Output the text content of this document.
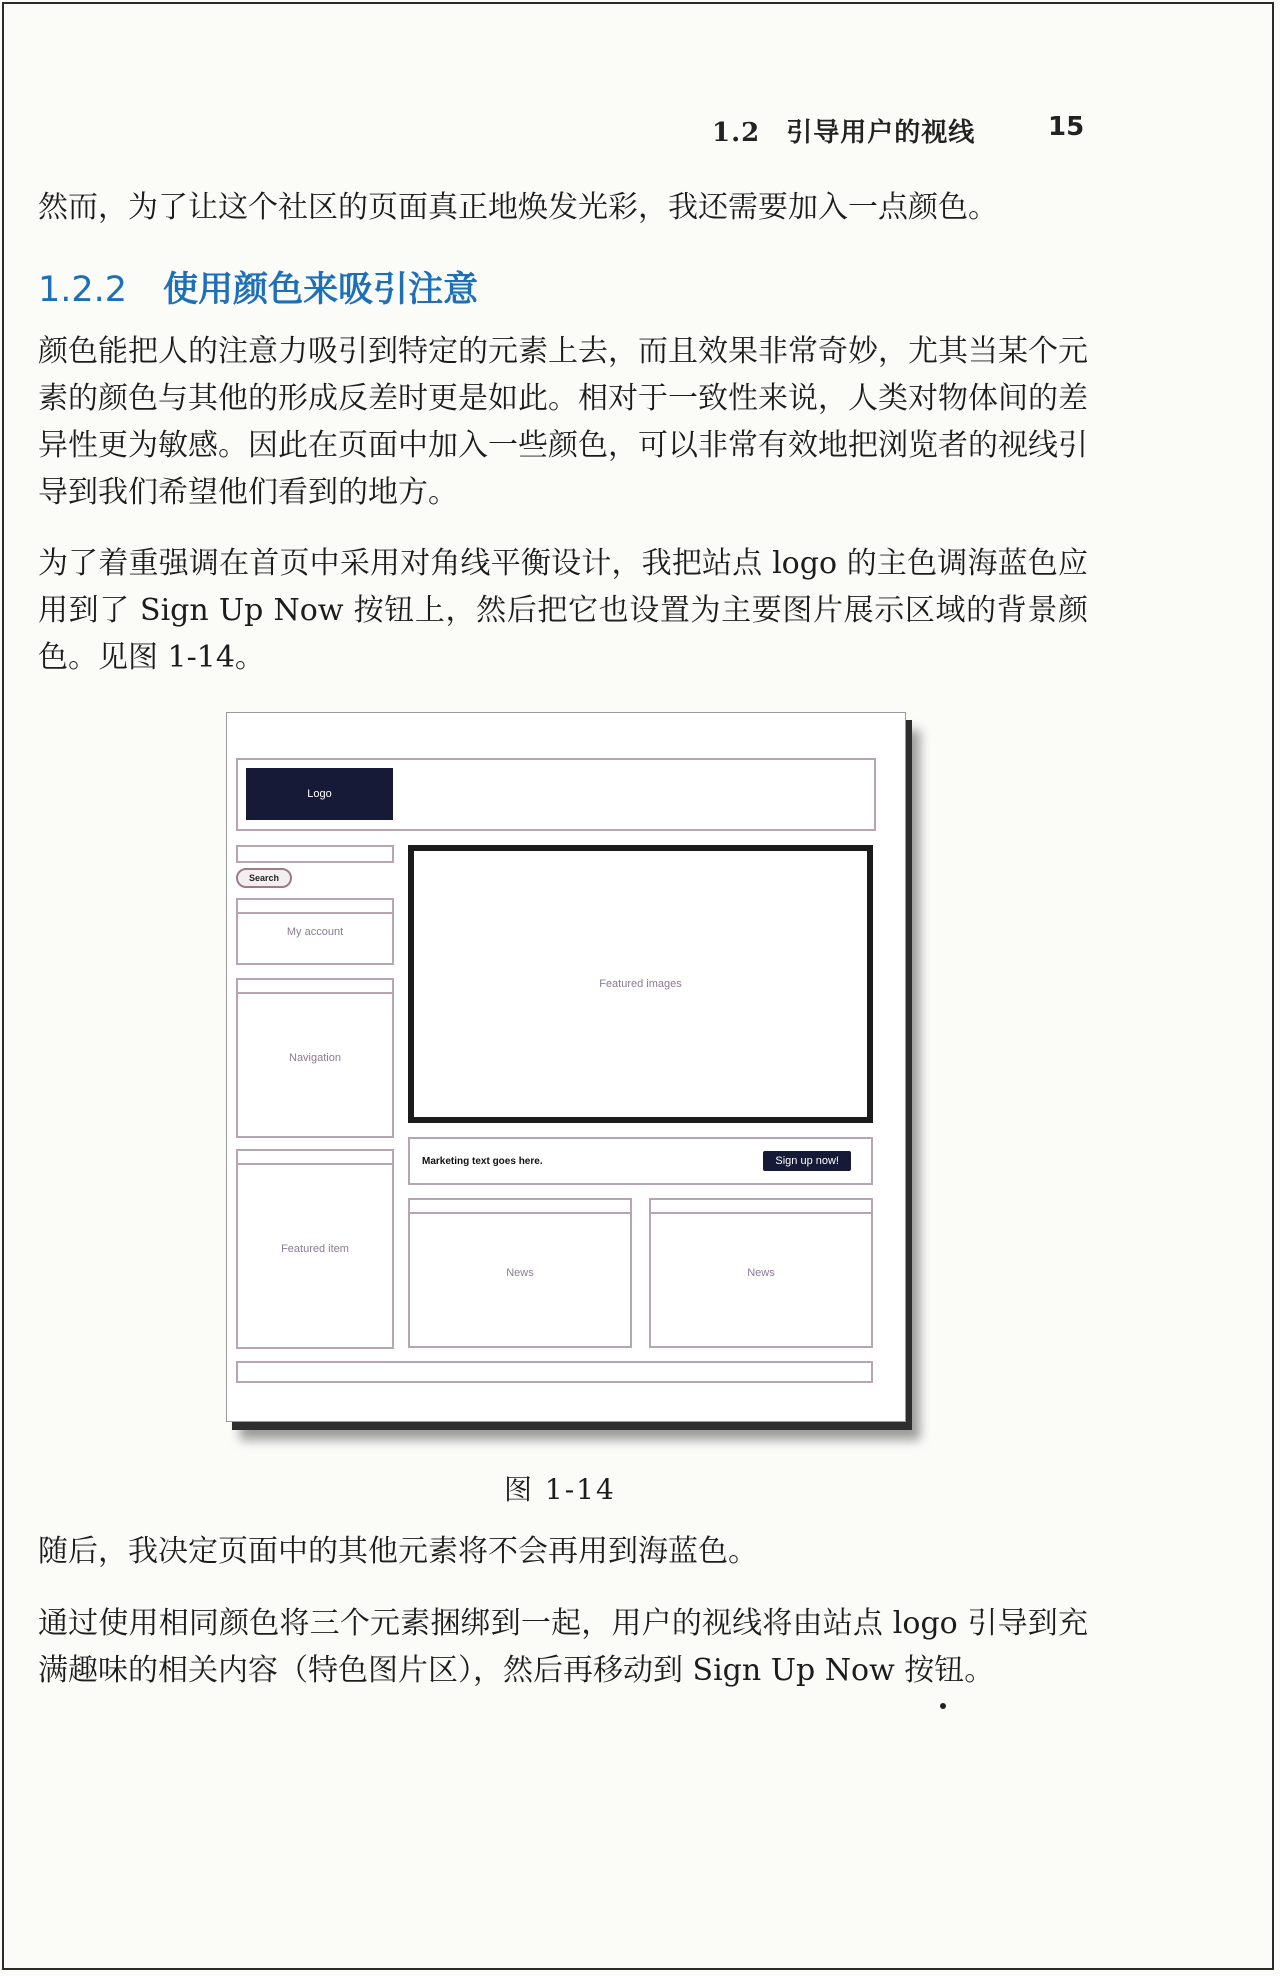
1.2 引导用户的视线	15
然而，为了让这个社区的页面真正地焕发光彩，我还需要加入一点颜色。
1.2.2 使用颜色来吸引注意
颜色能把人的注意力吸引到特定的元素上去，而且效果非常奇妙，尤其当某个元素的颜色与其他的形成反差时更是如此。相对于一致性来说，人类对物体间的差异性更为敏感。因此在页面中加入一些颜色，可以非常有效地把浏览者的视线引导到我们希望他们看到的地方。
为了着重强调在首页中采用对角线平衡设计，我把站点 logo 的主色调海蓝色应用到了 Sign Up Now 按钮上，然后把它也设置为主要图片展示区域的背景颜色。见图 1-14。
Logo
Search
My account
Navigation
Featured item
Featured images
Marketing text goes here.	Sign up now!
News	News
图 1-14
随后，我决定页面中的其他元素将不会再用到海蓝色。
通过使用相同颜色将三个元素捆绑到一起，用户的视线将由站点 logo 引导到充满趣味的相关内容（特色图片区），然后再移动到 Sign Up Now 按钮。
